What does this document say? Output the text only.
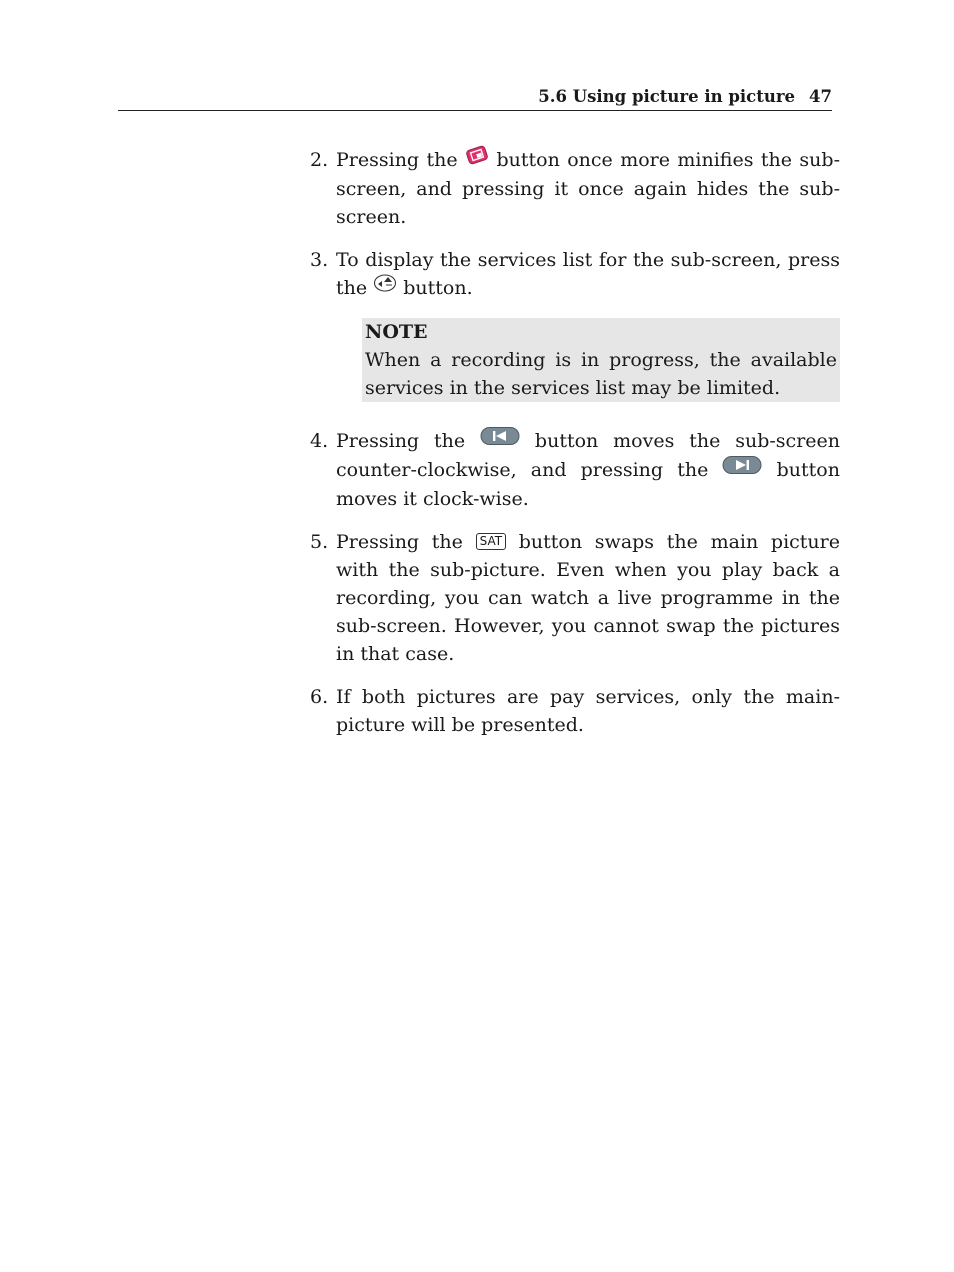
5.6 Using picture in picture 47
2. Pressing the button once more minifies the sub-screen, and pressing it once again hides the sub-screen.

3. To display the services list for the sub-screen, press the button.

NOTE

When a recording is in progress, the available services in the services list may be limited.

4. Pressing the	button moves the sub-screen counter-clockwise, and pressing the	button moves it clock-wise.

5. Pressing the SAT button swaps the main picture with the sub-picture. Even when you play back a recording, you can watch a live programme in the sub-screen. However, you cannot swap the pictures in that case.

6. If both pictures are pay services, only the main-picture will be presented.
